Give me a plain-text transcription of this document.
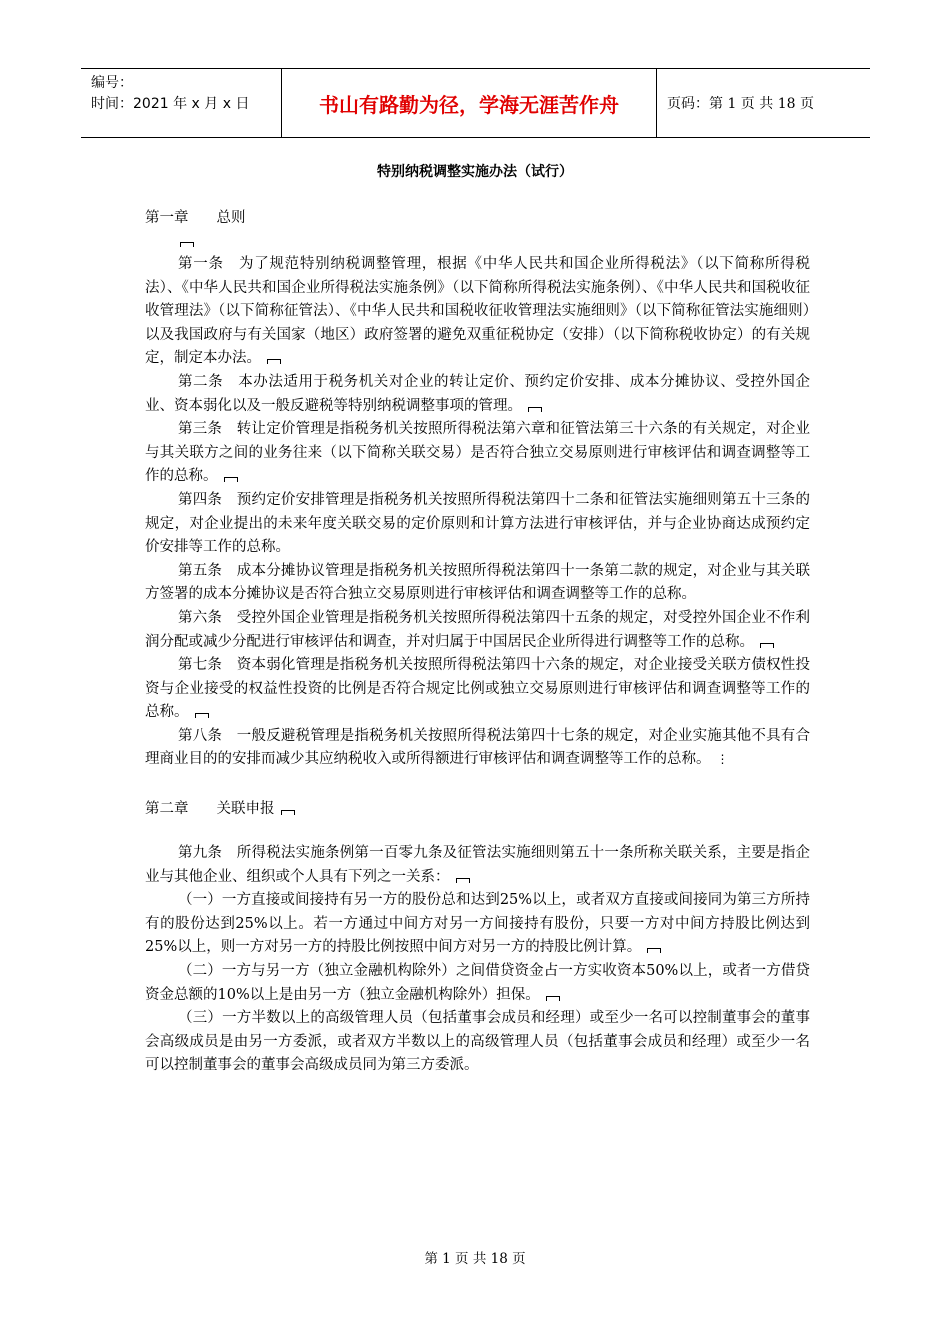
编号：
时间：2021 年 x 月 x 日	书山有路勤为径，学海无涯苦作舟	页码：第 1 页 共 18 页
特别纳税调整实施办法（试行）

第一章 总则

第一条　为了规范特别纳税调整管理，根据《中华人民共和国企业所得税法》（以下简称所得税法）、《中华人民共和国企业所得税法实施条例》（以下简称所得税法实施条例）、《中华人民共和国税收征收管理法》（以下简称征管法）、《中华人民共和国税收征收管理法实施细则》（以下简称征管法实施细则）以及我国政府与有关国家（地区）政府签署的避免双重征税协定（安排）（以下简称税收协定）的有关规定，制定本办法。

第二条　本办法适用于税务机关对企业的转让定价、预约定价安排、成本分摊协议、受控外国企业、资本弱化以及一般反避税等特别纳税调整事项的管理。

第三条　转让定价管理是指税务机关按照所得税法第六章和征管法第三十六条的有关规定，对企业与其关联方之间的业务往来（以下简称关联交易）是否符合独立交易原则进行审核评估和调查调整等工作的总称。

第四条　预约定价安排管理是指税务机关按照所得税法第四十二条和征管法实施细则第五十三条的规定，对企业提出的未来年度关联交易的定价原则和计算方法进行审核评估，并与企业协商达成预约定价安排等工作的总称。

第五条　成本分摊协议管理是指税务机关按照所得税法第四十一条第二款的规定，对企业与其关联方签署的成本分摊协议是否符合独立交易原则进行审核评估和调查调整等工作的总称。

第六条　受控外国企业管理是指税务机关按照所得税法第四十五条的规定，对受控外国企业不作利润分配或减少分配进行审核评估和调查，并对归属于中国居民企业所得进行调整等工作的总称。

第七条　资本弱化管理是指税务机关按照所得税法第四十六条的规定，对企业接受关联方债权性投资与企业接受的权益性投资的比例是否符合规定比例或独立交易原则进行审核评估和调查调整等工作的总称。

第八条　一般反避税管理是指税务机关按照所得税法第四十七条的规定，对企业实施其他不具有合理商业目的的安排而减少其应纳税收入或所得额进行审核评估和调查调整等工作的总称。 ⋮

第二章 关联申报

第九条　所得税法实施条例第一百零九条及征管法实施细则第五十一条所称关联关系，主要是指企业与其他企业、组织或个人具有下列之一关系：

（一）一方直接或间接持有另一方的股份总和达到25%以上，或者双方直接或间接同为第三方所持有的股份达到25%以上。若一方通过中间方对另一方间接持有股份，只要一方对中间方持股比例达到25%以上，则一方对另一方的持股比例按照中间方对另一方的持股比例计算。

（二）一方与另一方（独立金融机构除外）之间借贷资金占一方实收资本50%以上，或者一方借贷资金总额的10%以上是由另一方（独立金融机构除外）担保。

（三）一方半数以上的高级管理人员（包括董事会成员和经理）或至少一名可以控制董事会的董事会高级成员是由另一方委派，或者双方半数以上的高级管理人员（包括董事会成员和经理）或至少一名可以控制董事会的董事会高级成员同为第三方委派。

第 1 页 共 18 页
